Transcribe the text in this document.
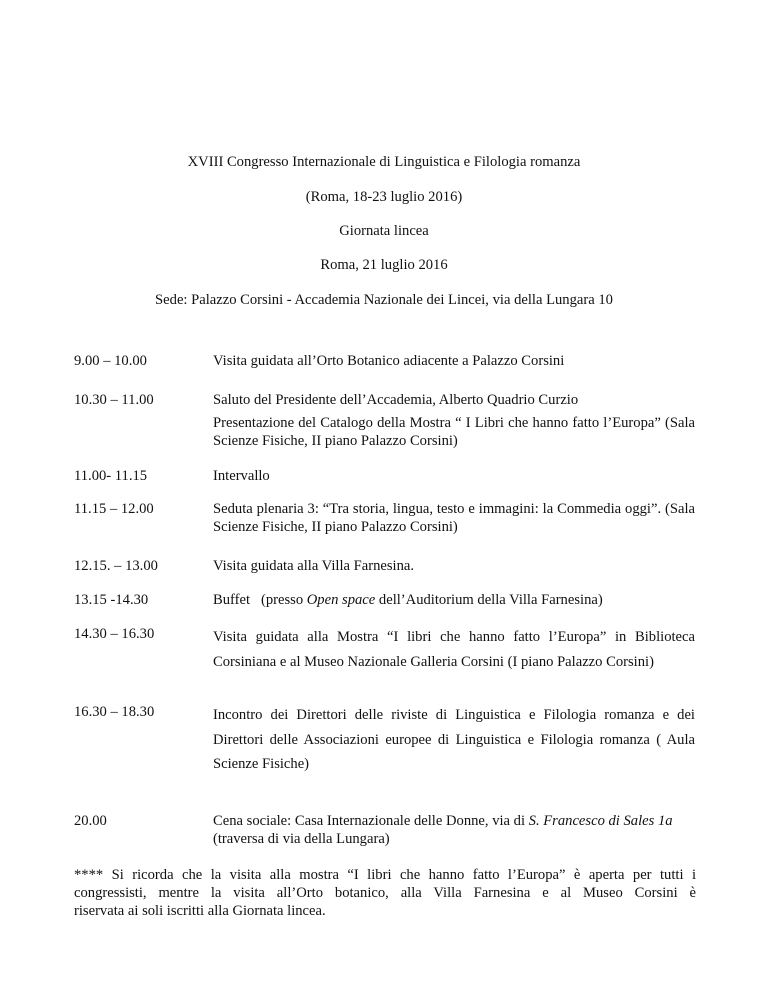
XVIII Congresso Internazionale di Linguistica e Filologia romanza
(Roma, 18-23 luglio 2016)
Giornata lincea
Roma, 21 luglio 2016
Sede: Palazzo Corsini - Accademia Nazionale dei Lincei, via della Lungara 10
9.00 – 10.00	Visita guidata all’Orto Botanico adiacente a Palazzo Corsini

10.30 – 11.00	Saluto del Presidente dell’Accademia, Alberto Quadrio Curzio

Presentazione del Catalogo della Mostra “ I Libri che hanno fatto l’Europa” (Sala Scienze Fisiche, II piano Palazzo Corsini)

11.00- 11.15	Intervallo

11.15 – 12.00	Seduta plenaria 3: “Tra storia, lingua, testo e immagini: la Commedia oggi”. (Sala Scienze Fisiche, II piano Palazzo Corsini)

12.15. – 13.00	Visita guidata alla Villa Farnesina.

13.15 -14.30	Buffet   (presso Open space dell’Auditorium della Villa Farnesina)

14.30 – 16.30	Visita guidata alla Mostra “I libri che hanno fatto l’Europa” in Biblioteca Corsiniana e al Museo Nazionale Galleria Corsini (I piano Palazzo Corsini)

16.30 – 18.30	Incontro dei Direttori delle riviste di Linguistica e Filologia romanza e dei Direttori delle Associazioni europee di Linguistica e Filologia romanza ( Aula Scienze Fisiche)

20.00	Cena sociale: Casa Internazionale delle Donne, via di S. Francesco di Sales 1a (traversa di via della Lungara)

**** Si ricorda che la visita alla mostra “I libri che hanno fatto l’Europa” è aperta per tutti i
congressisti, mentre la visita all’Orto botanico, alla Villa Farnesina e al Museo Corsini è
riservata ai soli iscritti alla Giornata lincea.
